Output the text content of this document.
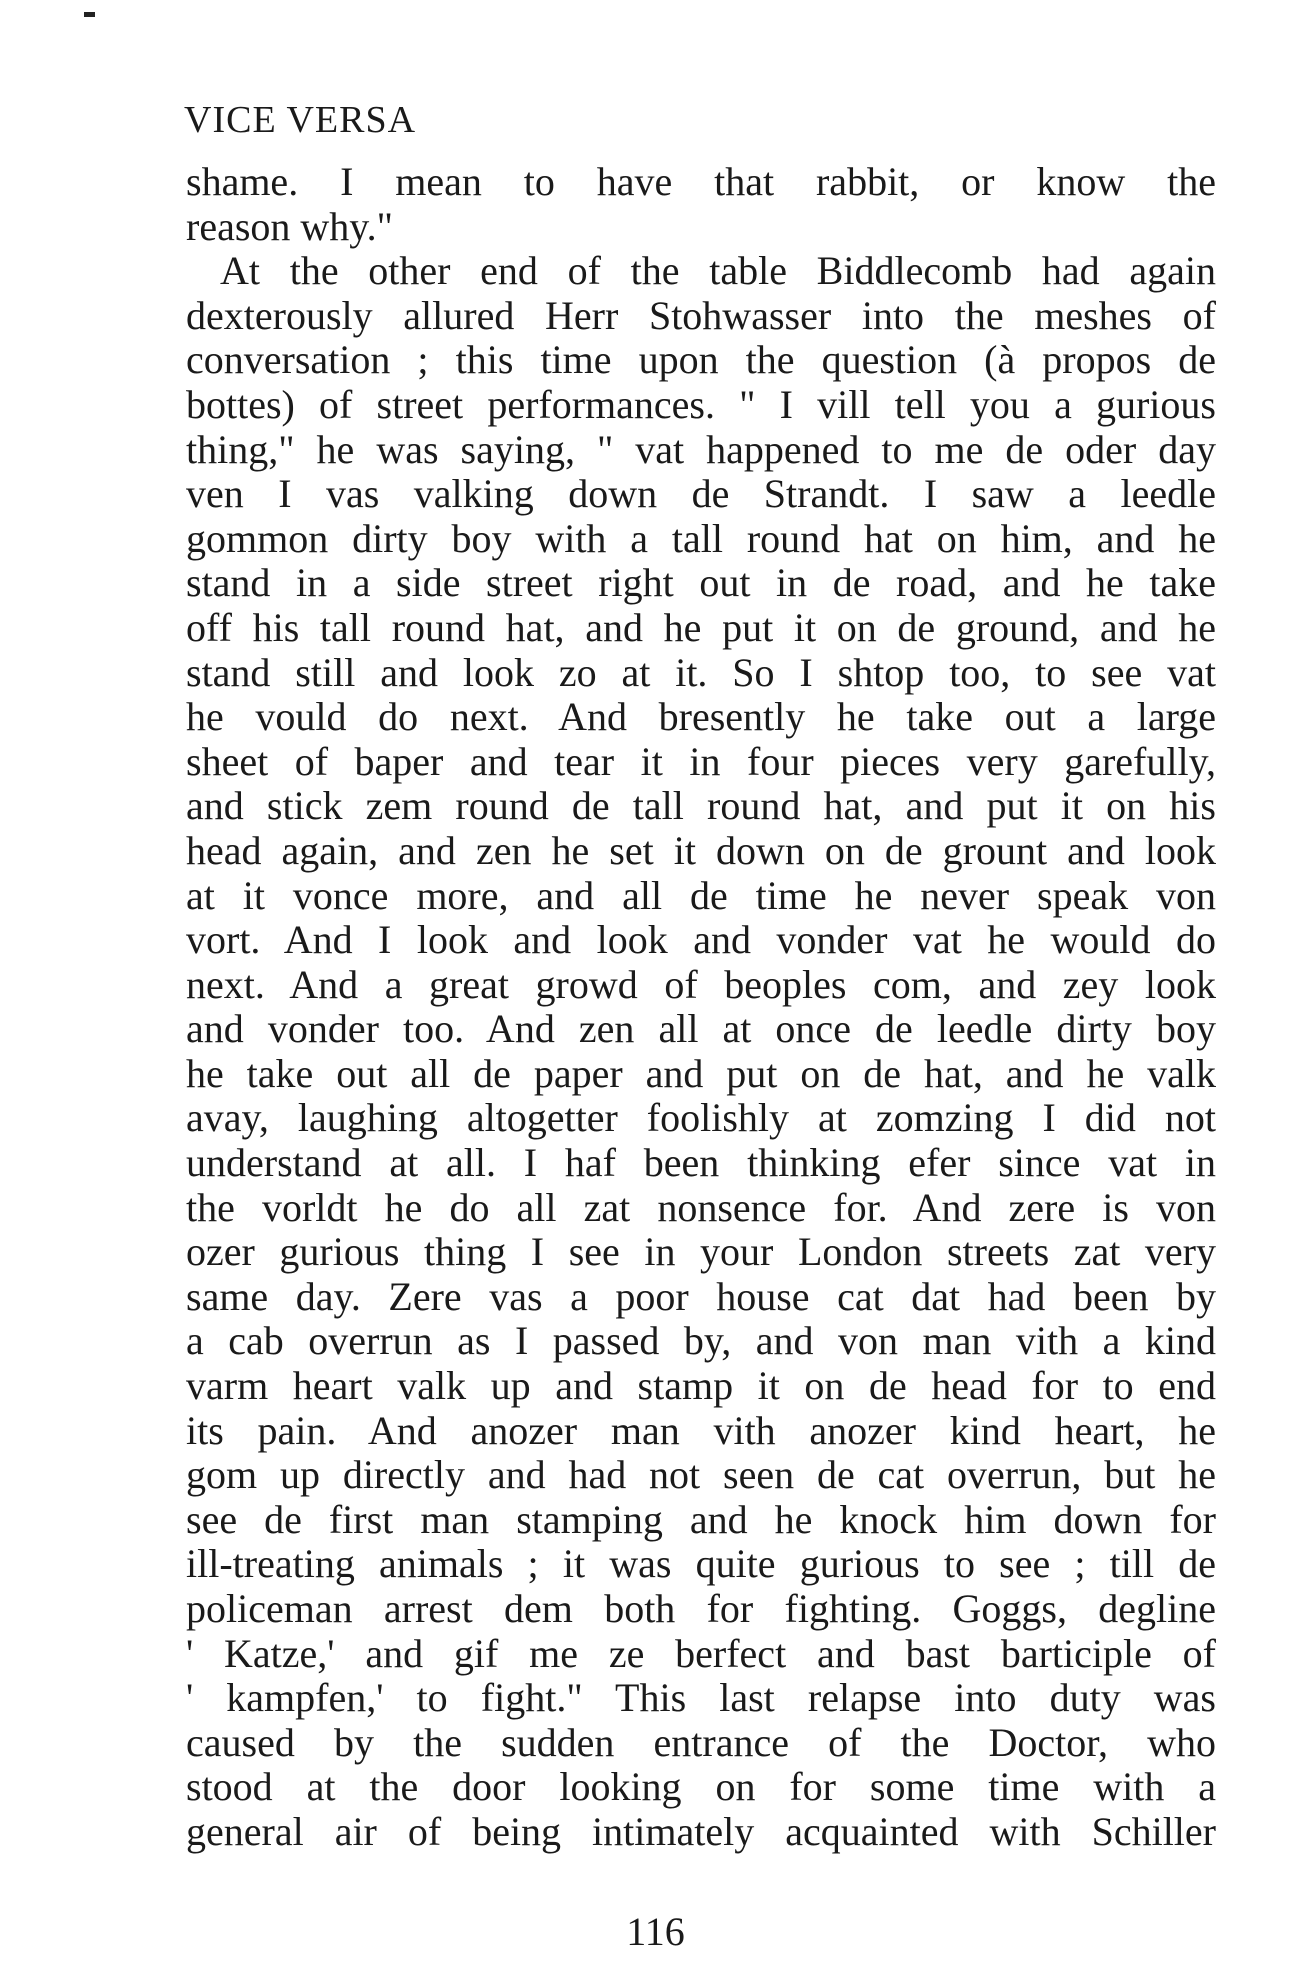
VICE VERSA
shame. I mean to have that rabbit, or know the
reason why."
At the other end of the table Biddlecomb had again
dexterously allured Herr Stohwasser into the meshes of
conversation ; this time upon the question (à propos de
bottes) of street performances. " I vill tell you a gurious
thing," he was saying, " vat happened to me de oder day
ven I vas valking down de Strandt. I saw a leedle
gommon dirty boy with a tall round hat on him, and he
stand in a side street right out in de road, and he take
off his tall round hat, and he put it on de ground, and he
stand still and look zo at it. So I shtop too, to see vat
he vould do next. And bresently he take out a large
sheet of baper and tear it in four pieces very garefully,
and stick zem round de tall round hat, and put it on his
head again, and zen he set it down on de grount and look
at it vonce more, and all de time he never speak von
vort. And I look and look and vonder vat he would do
next. And a great growd of beoples com, and zey look
and vonder too. And zen all at once de leedle dirty boy
he take out all de paper and put on de hat, and he valk
avay, laughing altogetter foolishly at zomzing I did not
understand at all. I haf been thinking efer since vat in
the vorldt he do all zat nonsence for. And zere is von
ozer gurious thing I see in your London streets zat very
same day. Zere vas a poor house cat dat had been by
a cab overrun as I passed by, and von man vith a kind
varm heart valk up and stamp it on de head for to end
its pain. And anozer man vith anozer kind heart, he
gom up directly and had not seen de cat overrun, but he
see de first man stamping and he knock him down for
ill-treating animals ; it was quite gurious to see ; till de
policeman arrest dem both for fighting. Goggs, degline
' Katze,' and gif me ze berfect and bast barticiple of
' kampfen,' to fight." This last relapse into duty was
caused by the sudden entrance of the Doctor, who
stood at the door looking on for some time with a
general air of being intimately acquainted with Schiller
116
